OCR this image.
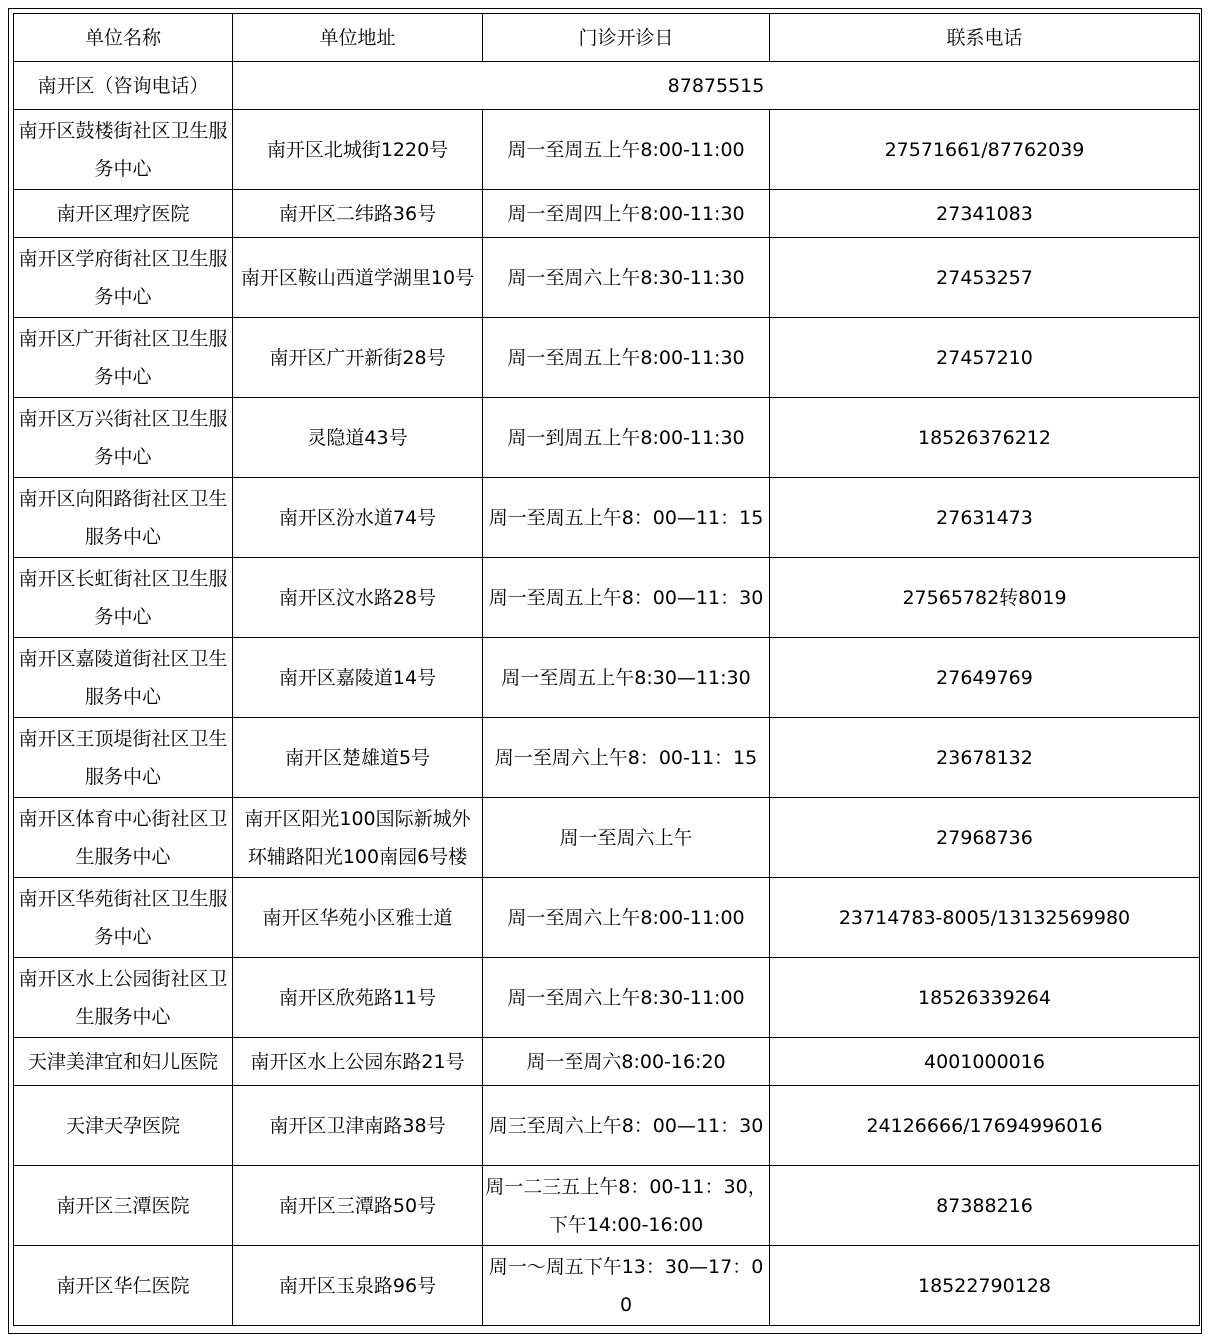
单位名称	单位地址	门诊开诊日	联系电话
南开区（咨询电话）	87875515		
南开区鼓楼街社区卫生服务中心	南开区北城街1220号	周一至周五上午8:00-11:00	27571661/87762039
南开区理疗医院	南开区二纬路36号	周一至周四上午8:00-11:30	27341083
南开区学府街社区卫生服务中心	南开区鞍山西道学湖里10号	周一至周六上午8:30-11:30	27453257
南开区广开街社区卫生服务中心	南开区广开新街28号	周一至周五上午8:00-11:30	27457210
南开区万兴街社区卫生服务中心	灵隐道43号	周一到周五上午8:00-11:30	18526376212
南开区向阳路街社区卫生服务中心	南开区汾水道74号	周一至周五上午8：00—11：15	27631473
南开区长虹街社区卫生服务中心	南开区汶水路28号	周一至周五上午8：00—11：30	27565782转8019
南开区嘉陵道街社区卫生服务中心	南开区嘉陵道14号	周一至周五上午8:30—11:30	27649769
南开区王顶堤街社区卫生服务中心	南开区楚雄道5号	周一至周六上午8：00-11：15	23678132
南开区体育中心街社区卫生服务中心	南开区阳光100国际新城外环辅路阳光100南园6号楼	周一至周六上午	27968736
南开区华苑街社区卫生服务中心	南开区华苑小区雅士道	周一至周六上午8:00-11:00	23714783-8005/13132569980
南开区水上公园街社区卫生服务中心	南开区欣苑路11号	周一至周六上午8:30-11:00	18526339264
天津美津宜和妇儿医院	南开区水上公园东路21号	周一至周六8:00-16:20	4001000016
天津天孕医院	南开区卫津南路38号	周三至周六上午8：00—11：30	24126666/17694996016
南开区三潭医院	南开区三潭路50号	周一二三五上午8：00-11：30，下午14:00-16:00	87388216
南开区华仁医院	南开区玉泉路96号	周一～周五下午13：30—17：00	18522790128
